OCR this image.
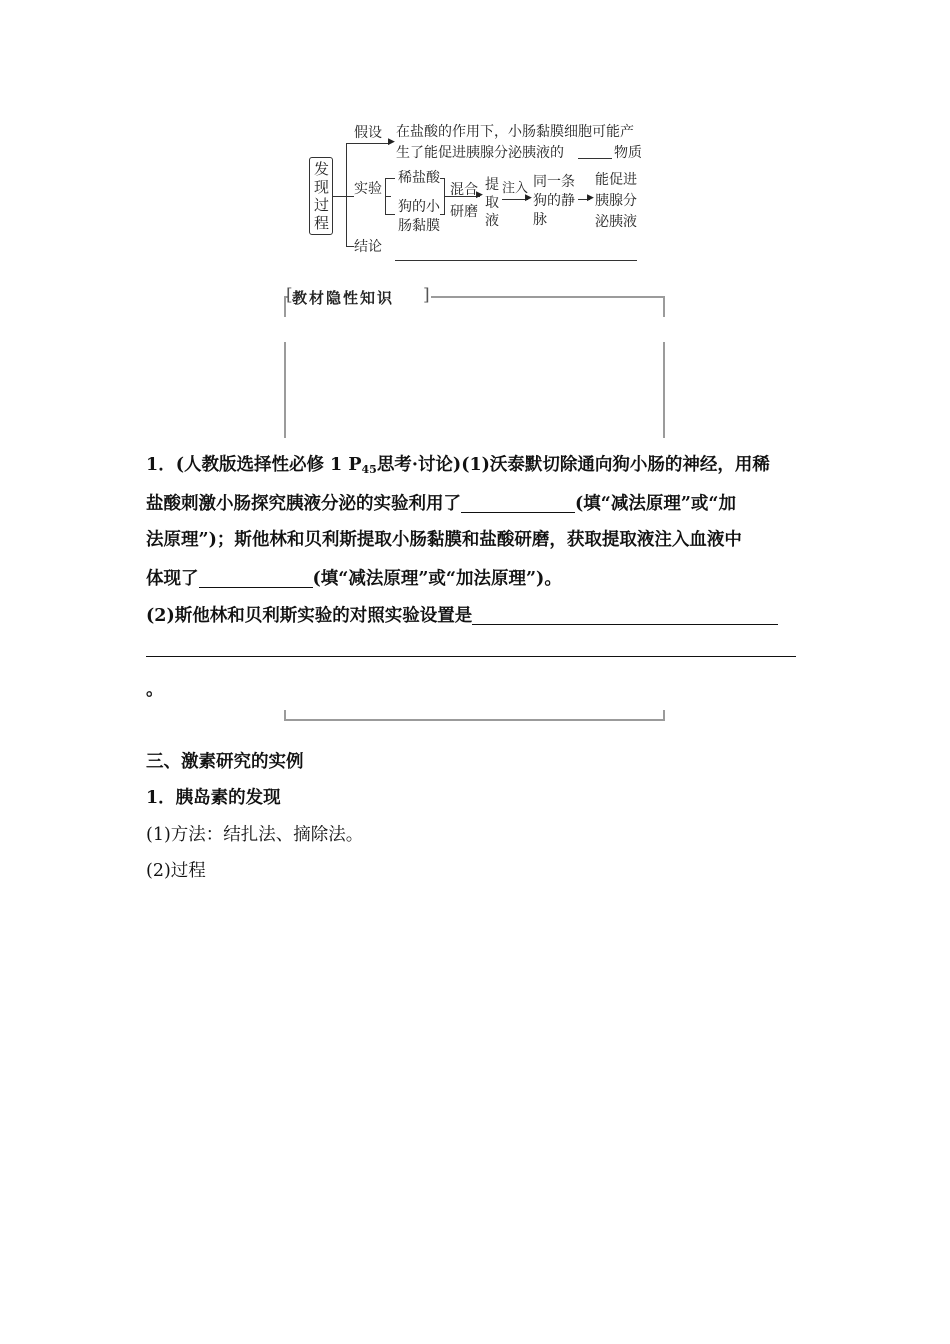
发
现
过
程
假设
▶
在盐酸的作用下，小肠黏膜细胞可能产
生了能促进胰腺分泌胰液的	物质
实验
稀盐酸
狗的小
肠黏膜
▶
混合
研磨
提
取
液
注入
▶
同一条
狗的静
脉
▶
能促进
胰腺分
泌胰液
结论
[ 教材隐性知识 ]
1．(人教版选择性必修 1 $P_{45}$思考·讨论)(1)沃泰默切除通向狗小肠的神经，用稀
盐酸刺激小肠探究胰液分泌的实验利用了	(填“减法原理”或“加
法原理”)；斯他林和贝利斯提取小肠黏膜和盐酸研磨，获取提取液注入血液中
体现了	(填“减法原理”或“加法原理”)。
(2)斯他林和贝利斯实验的对照实验设置是
。
三、激素研究的实例
1．胰岛素的发现
(1)方法：结扎法、摘除法。
(2)过程
